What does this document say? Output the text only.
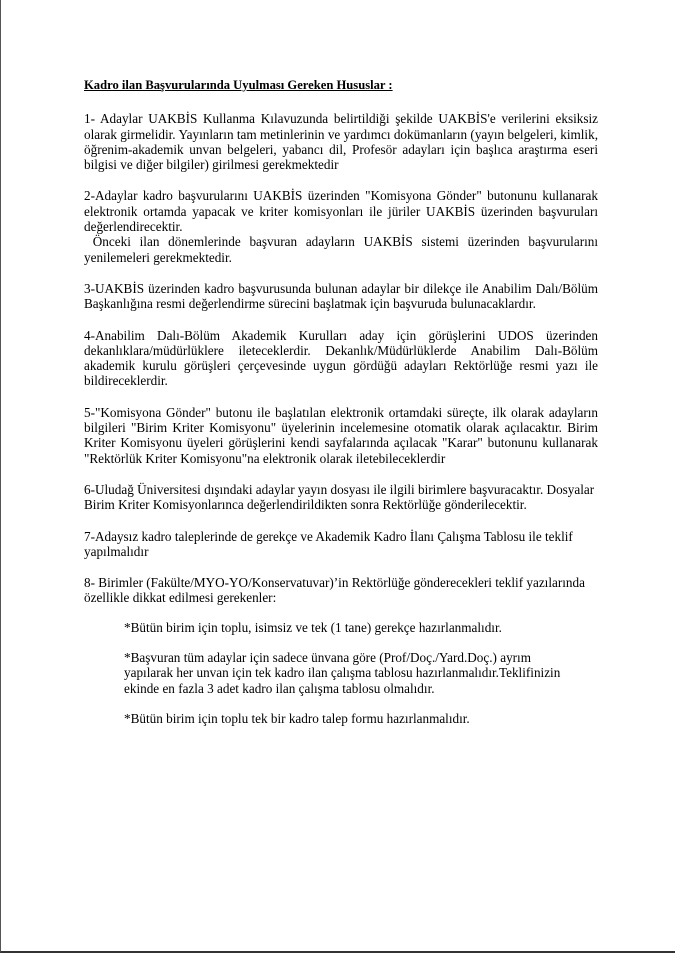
Kadro ilan Başvurularında Uyulması Gereken Hususlar :

1- Adaylar UAKBİS Kullanma Kılavuzunda belirtildiği şekilde UAKBİS'e verilerini eksiksiz olarak girmelidir. Yayınların tam metinlerinin ve yardımcı dokümanların (yayın belgeleri, kimlik, öğrenim-akademik unvan belgeleri, yabancı dil, Profesör adayları için başlıca araştırma eseri bilgisi ve diğer bilgiler) girilmesi gerekmektedir

2-Adaylar kadro başvurularını UAKBİS üzerinden "Komisyona Gönder" butonunu kullanarak elektronik ortamda yapacak ve kriter komisyonları ile jüriler UAKBİS üzerinden başvuruları değerlendirecektir.

Önceki ilan dönemlerinde başvuran adayların UAKBİS sistemi üzerinden başvurularını yenilemeleri gerekmektedir.

3-UAKBİS üzerinden kadro başvurusunda bulunan adaylar bir dilekçe ile Anabilim Dalı/Bölüm Başkanlığına resmi değerlendirme sürecini başlatmak için başvuruda bulunacaklardır.

4-Anabilim Dalı-Bölüm Akademik Kurulları aday için görüşlerini UDOS üzerinden dekanlıklara/müdürlüklere ileteceklerdir. Dekanlık/Müdürlüklerde Anabilim Dalı-Bölüm akademik kurulu görüşleri çerçevesinde uygun gördüğü adayları Rektörlüğe resmi yazı ile bildireceklerdir.

5-"Komisyona Gönder" butonu ile başlatılan elektronik ortamdaki süreçte, ilk olarak adayların bilgileri "Birim Kriter Komisyonu" üyelerinin incelemesine otomatik olarak açılacaktır. Birim Kriter Komisyonu üyeleri görüşlerini kendi sayfalarında açılacak "Karar" butonunu kullanarak "Rektörlük Kriter Komisyonu"na elektronik olarak iletebileceklerdir

6-Uludağ Üniversitesi dışındaki adaylar yayın dosyası ile ilgili birimlere başvuracaktır. Dosyalar Birim Kriter Komisyonlarınca değerlendirildikten sonra Rektörlüğe gönderilecektir.

7-Adaysız kadro taleplerinde de gerekçe ve Akademik Kadro İlanı Çalışma Tablosu ile teklif yapılmalıdır

8- Birimler (Fakülte/MYO-YO/Konservatuvar)’in Rektörlüğe gönderecekleri teklif yazılarında özellikle dikkat edilmesi gerekenler:

*Bütün birim için toplu, isimsiz ve tek (1 tane) gerekçe hazırlanmalıdır.

*Başvuran tüm adaylar için sadece ünvana göre (Prof/Doç./Yard.Doç.) ayrım
yapılarak her unvan için tek kadro ilan çalışma tablosu hazırlanmalıdır.Teklifinizin ekinde en fazla 3 adet kadro ilan çalışma tablosu olmalıdır.

*Bütün birim için toplu tek bir kadro talep formu hazırlanmalıdır.
